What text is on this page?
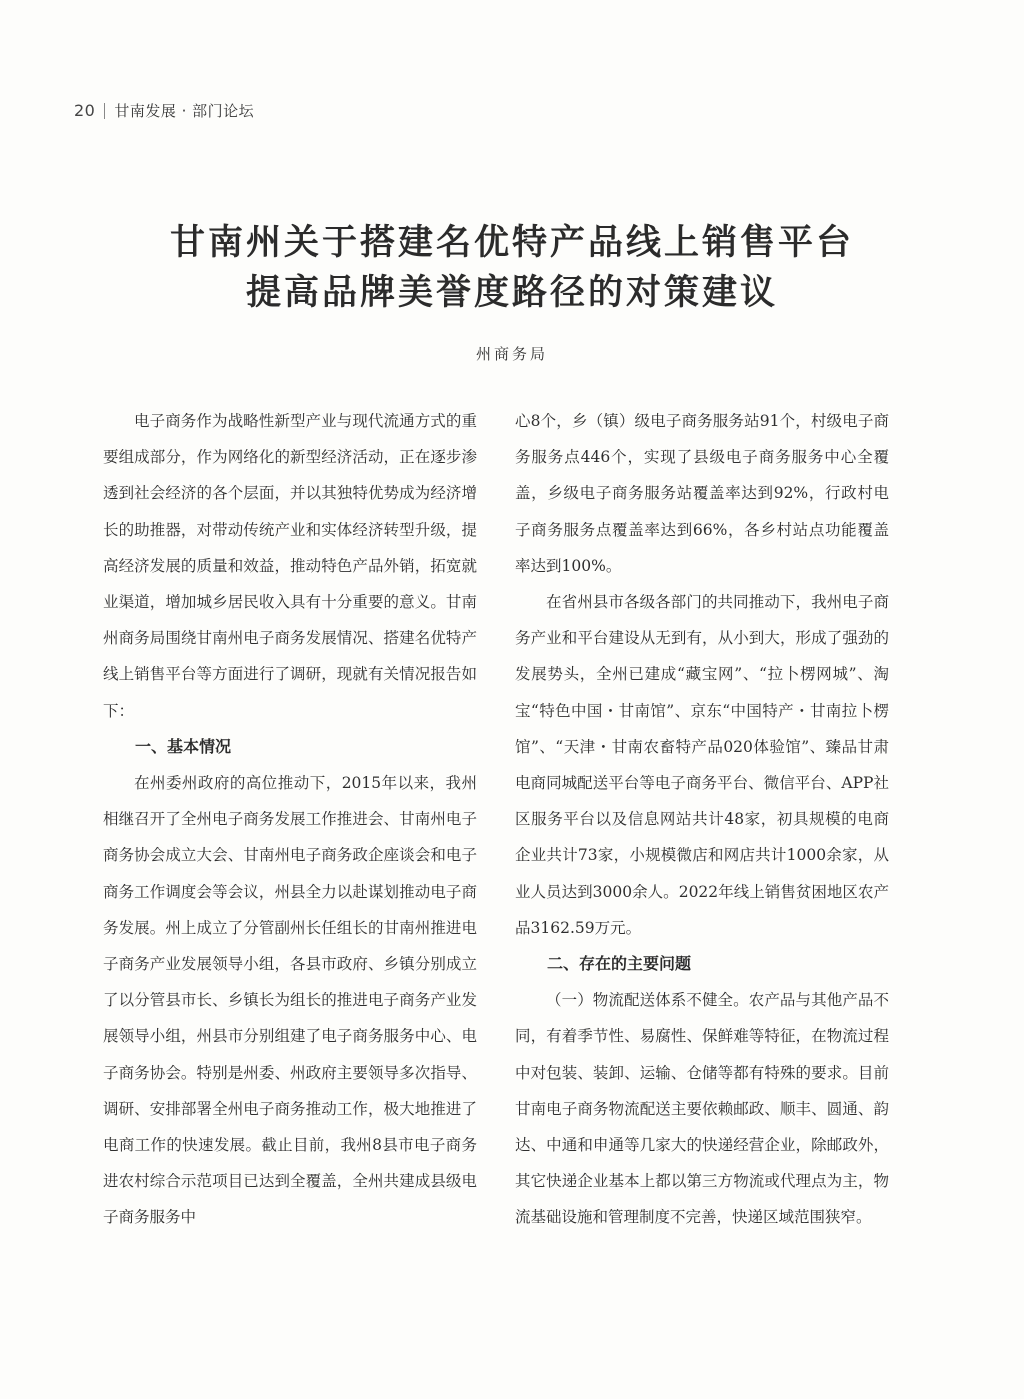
20 甘南发展 · 部门论坛
甘南州关于搭建名优特产品线上销售平台
提高品牌美誉度路径的对策建议
州商务局

电子商务作为战略性新型产业与现代流通方式的重要组成部分，作为网络化的新型经济活动，正在逐步渗透到社会经济的各个层面，并以其独特优势成为经济增长的助推器，对带动传统产业和实体经济转型升级，提高经济发展的质量和效益，推动特色产品外销，拓宽就业渠道，增加城乡居民收入具有十分重要的意义。甘南州商务局围绕甘南州电子商务发展情况、搭建名优特产线上销售平台等方面进行了调研，现就有关情况报告如下：

一、基本情况

在州委州政府的高位推动下，2015年以来，我州相继召开了全州电子商务发展工作推进会、甘南州电子商务协会成立大会、甘南州电子商务政企座谈会和电子商务工作调度会等会议，州县全力以赴谋划推动电子商务发展。州上成立了分管副州长任组长的甘南州推进电子商务产业发展领导小组，各县市政府、乡镇分别成立了以分管县市长、乡镇长为组长的推进电子商务产业发展领导小组，州县市分别组建了电子商务服务中心、电子商务协会。特别是州委、州政府主要领导多次指导、调研、安排部署全州电子商务推动工作，极大地推进了电商工作的快速发展。截止目前，我州8县市电子商务进农村综合示范项目已达到全覆盖，全州共建成县级电子商务服务中

心8个，乡（镇）级电子商务服务站91个，村级电子商务服务点446个，实现了县级电子商务服务中心全覆盖，乡级电子商务服务站覆盖率达到92%，行政村电子商务服务点覆盖率达到66%，各乡村站点功能覆盖率达到100%。

在省州县市各级各部门的共同推动下，我州电子商务产业和平台建设从无到有，从小到大，形成了强劲的发展势头，全州已建成“藏宝网”、“拉卜楞网城”、淘宝“特色中国・甘南馆”、京东“中国特产・甘南拉卜楞馆”、“天津・甘南农畜特产品020体验馆”、臻品甘肃电商同城配送平台等电子商务平台、微信平台、APP社区服务平台以及信息网站共计48家，初具规模的电商企业共计73家，小规模微店和网店共计1000余家，从业人员达到3000余人。2022年线上销售贫困地区农产品3162.59万元。

二、存在的主要问题

（一）物流配送体系不健全。农产品与其他产品不同，有着季节性、易腐性、保鲜难等特征，在物流过程中对包装、装卸、运输、仓储等都有特殊的要求。目前甘南电子商务物流配送主要依赖邮政、顺丰、圆通、韵达、中通和申通等几家大的快递经营企业，除邮政外，其它快递企业基本上都以第三方物流或代理点为主，物流基础设施和管理制度不完善，快递区域范围狭窄。
